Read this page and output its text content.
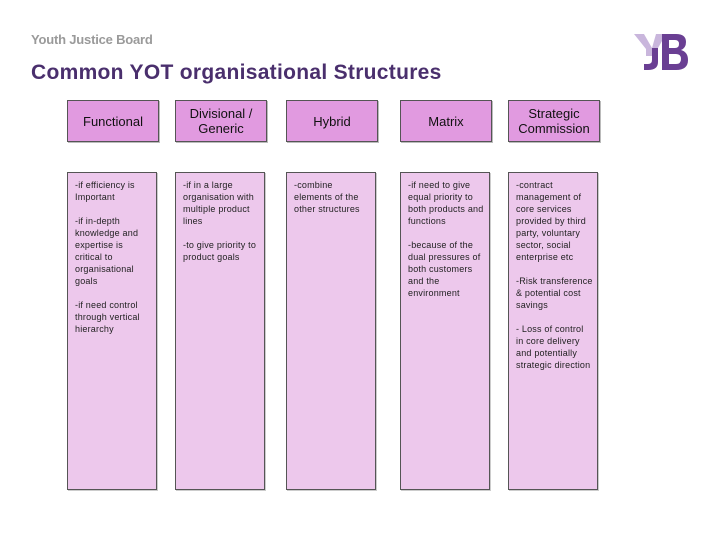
Youth Justice Board
Common YOT organisational Structures
Functional

-if efficiency is Important

-if in-depth knowledge and expertise is critical to organisational goals

-if need control through vertical hierarchy

Divisional / Generic

-if in a large organisation with multiple product lines

-to give priority to product goals

Hybrid

-combine elements of the other structures

Matrix

-if need to give equal priority to both products and functions

-because of the dual pressures of both customers and the environment

Strategic Commission

-contract management of core services provided by third party, voluntary sector, social enterprise etc

-Risk transference & potential cost savings

- Loss of control in core delivery and potentially strategic direction
